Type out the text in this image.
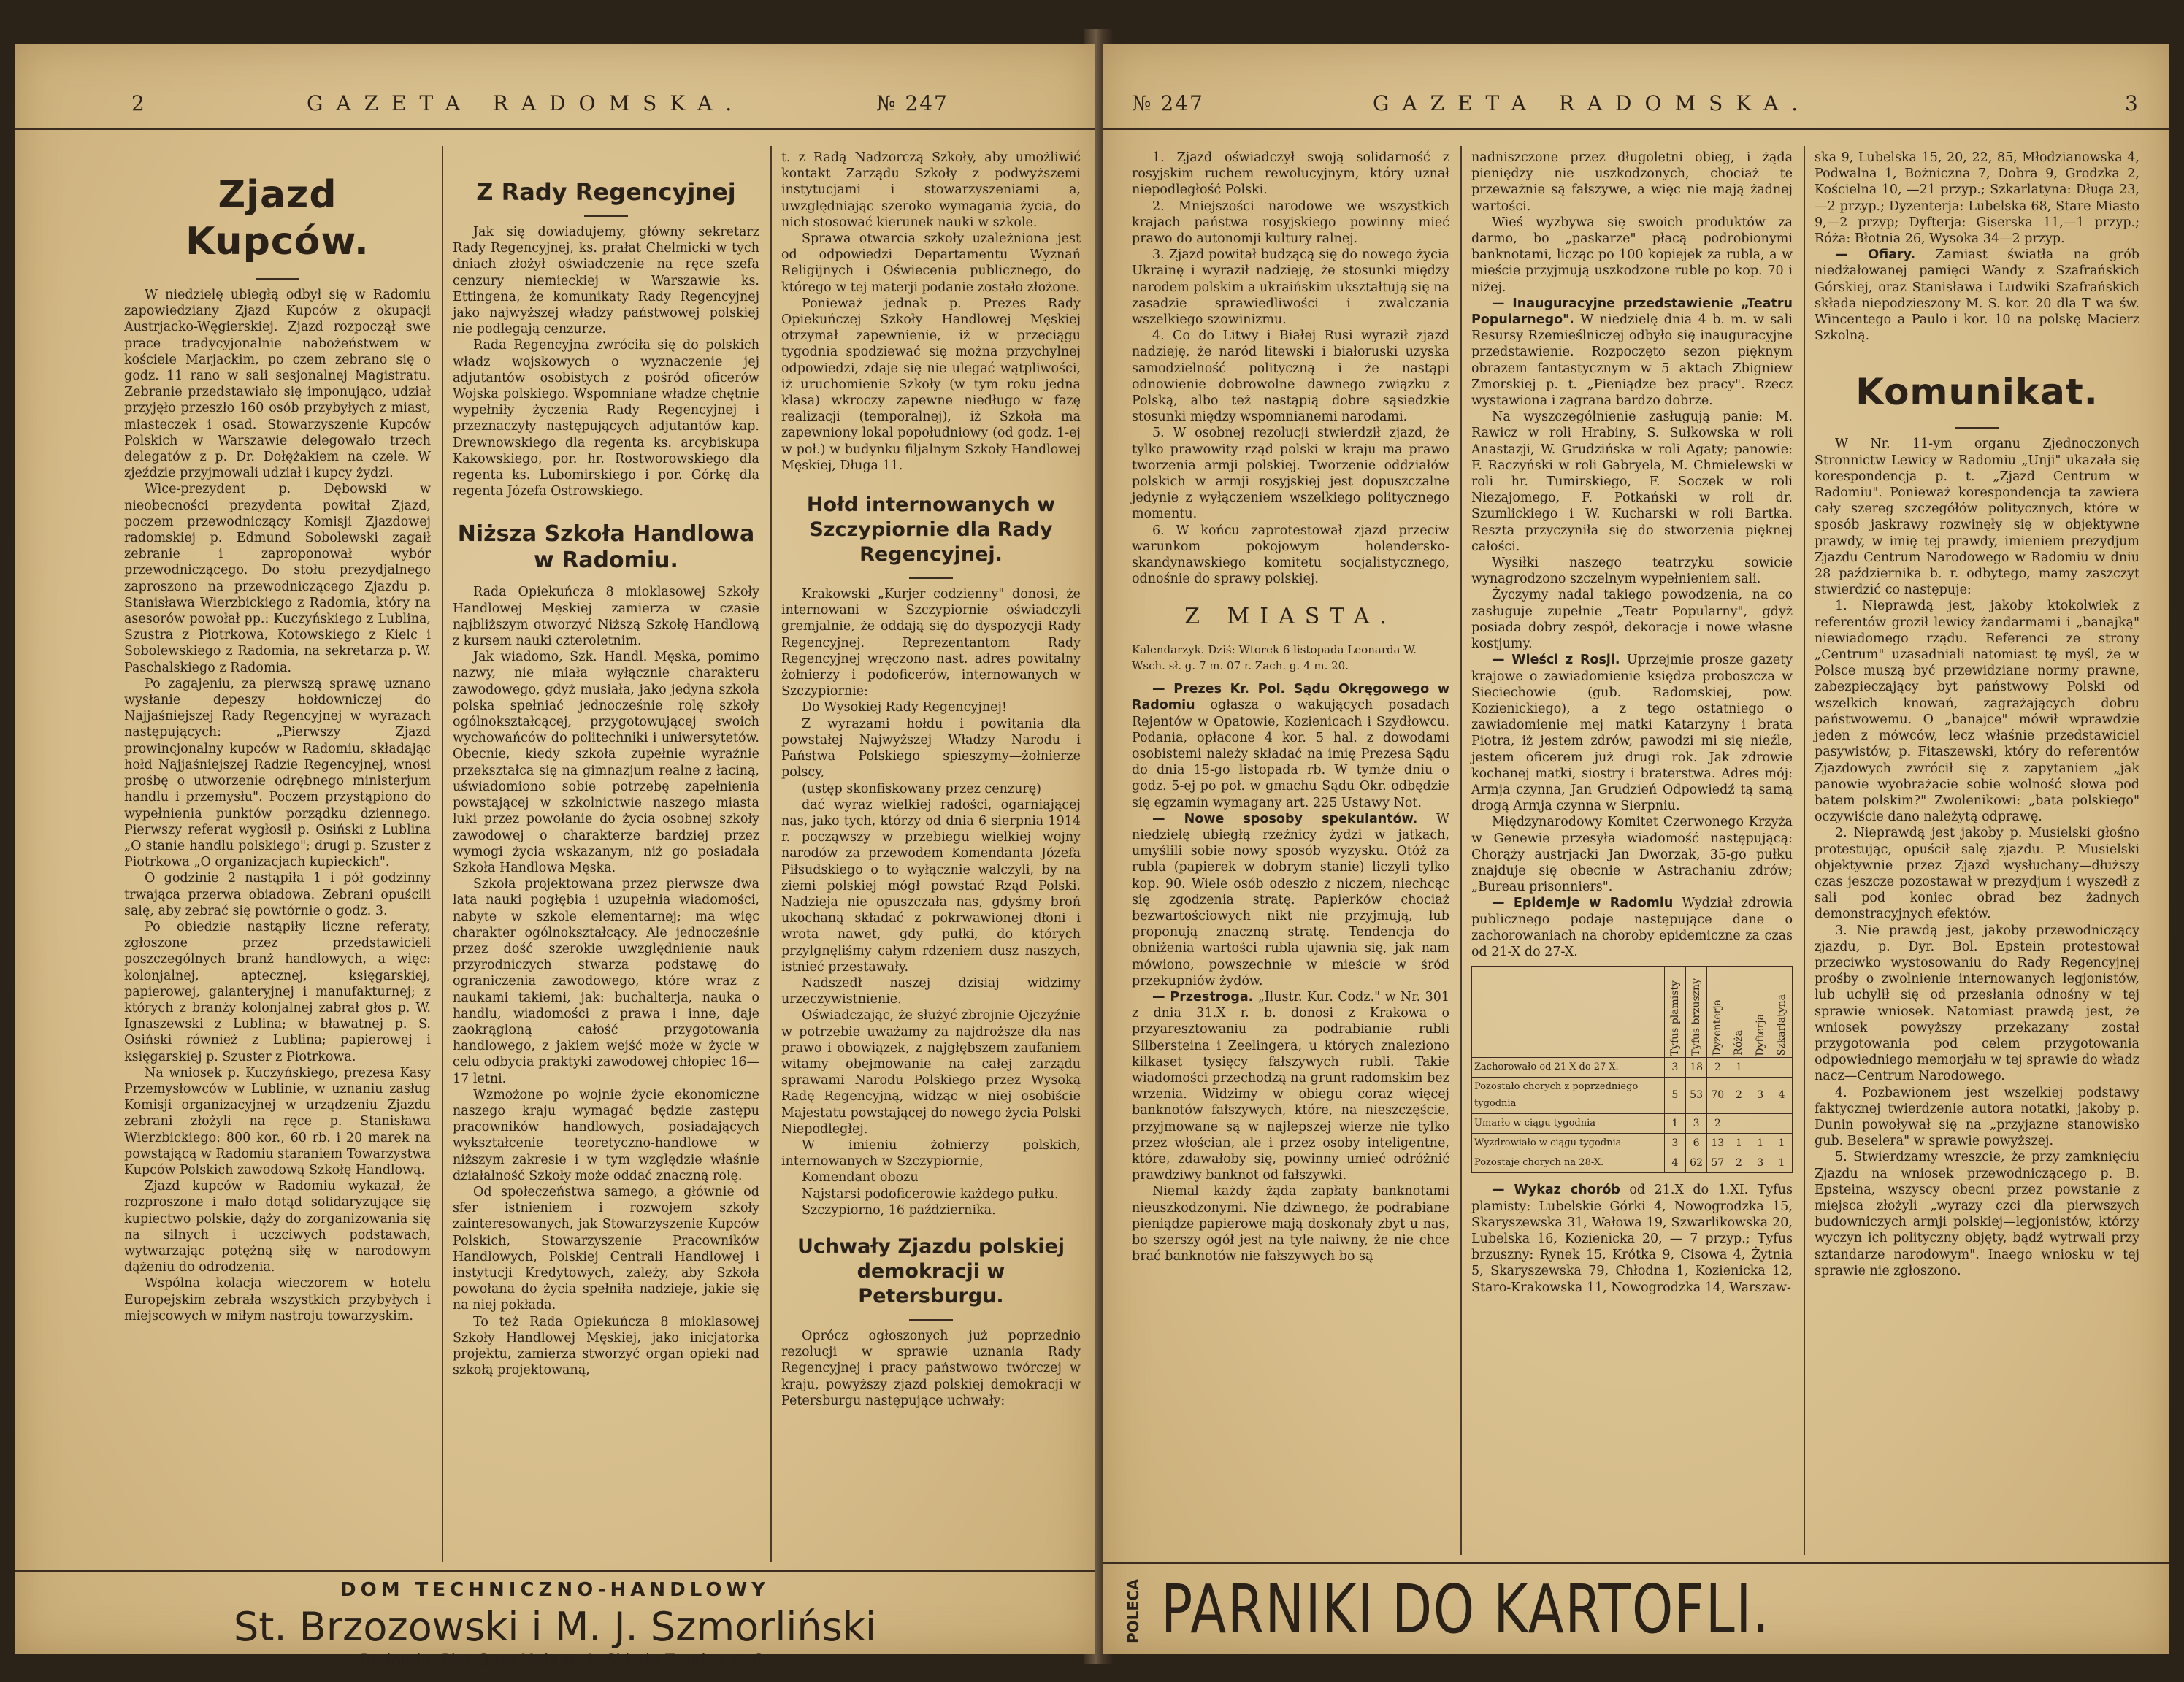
2	GAZETA RADOMSKA.	№ 247
Zjazd Kupców.

W niedzielę ubiegłą odbył się w Radomiu zapowiedziany Zjazd Kupców z okupacji Austrjacko-Węgierskiej. Zjazd rozpoczął swe prace tradycyjonalnie nabożeństwem w kościele Marjackim, po czem zebrano się o godz. 11 rano w sali sesjonalnej Magistratu. Zebranie przedstawiało się imponująco, udział przyjęło przeszło 160 osób przybyłych z miast, miasteczek i osad. Stowarzyszenie Kupców Polskich w Warszawie delegowało trzech delegatów z p. Dr. Dołężakiem na czele. W zjeździe przyjmowali udział i kupcy żydzi.

Wice-prezydent p. Dębowski w nieobecności prezydenta powitał Zjazd, poczem przewodniczący Komisji Zjazdowej radomskiej p. Edmund Sobolewski zagaił zebranie i zaproponował wybór przewodniczącego. Do stołu prezydjalnego zaproszono na przewodniczącego Zjazdu p. Stanisława Wierzbickiego z Radomia, który na asesorów powołał pp.: Kuczyńskiego z Lublina, Szustra z Piotrkowa, Kotowskiego z Kielc i Sobolewskiego z Radomia, na sekretarza p. W. Paschalskiego z Radomia.

Po zagajeniu, za pierwszą sprawę uznano wysłanie depeszy hołdowniczej do Najjaśniejszej Rady Regencyjnej w wyrazach następujących: „Pierwszy Zjazd prowincjonalny kupców w Radomiu, składając hołd Najjaśniejszej Radzie Regencyjnej, wnosi prośbę o utworzenie odrębnego ministerjum handlu i przemysłu". Poczem przystąpiono do wypełnienia punktów porządku dziennego. Pierwszy referat wygłosił p. Osiński z Lublina „O stanie handlu polskiego"; drugi p. Szuster z Piotrkowa „O organizacjach kupieckich".

O godzinie 2 nastąpiła 1 i pół godzinny trwająca przerwa obiadowa. Zebrani opuścili salę, aby zebrać się powtórnie o godz. 3.

Po obiedzie nastąpiły liczne referaty, zgłoszone przez przedstawicieli poszczególnych branż handlowych, a więc: kolonjalnej, aptecznej, księgarskiej, papierowej, galanteryjnej i manufakturnej; z których z branży kolonjalnej zabrał głos p. W. Ignaszewski z Lublina; w bławatnej p. S. Osiński również z Lublina; papierowej i księgarskiej p. Szuster z Piotrkowa.

Na wniosek p. Kuczyńskiego, prezesa Kasy Przemysłowców w Lublinie, w uznaniu zasług Komisji organizacyjnej w urządzeniu Zjazdu zebrani złożyli na ręce p. Stanisława Wierzbickiego: 800 kor., 60 rb. i 20 marek na powstającą w Radomiu staraniem Towarzystwa Kupców Polskich zawodową Szkołę Handlową.

Zjazd kupców w Radomiu wykazał, że rozproszone i mało dotąd solidaryzujące się kupiectwo polskie, dąży do zorganizowania się na silnych i uczciwych podstawach, wytwarzając potężną siłę w narodowym dążeniu do odrodzenia.

Wspólna kolacja wieczorem w hotelu Europejskim zebrała wszystkich przybyłych i miejscowych w miłym nastroju towarzyskim.

Z Rady Regencyjnej

Jak się dowiadujemy, główny sekretarz Rady Regencyjnej, ks. prałat Chelmicki w tych dniach złożył oświadczenie na ręce szefa cenzury niemieckiej w Warszawie ks. Ettingena, że komunikaty Rady Regencyjnej jako najwyższej władzy państwowej polskiej nie podlegają cenzurze.

Rada Regencyjna zwróciła się do polskich władz wojskowych o wyznaczenie jej adjutantów osobistych z pośród oficerów Wojska polskiego. Wspomniane władze chętnie wypełniły życzenia Rady Regencyjnej i przeznaczyły następujących adjutantów kap. Drewnowskiego dla regenta ks. arcybiskupa Kakowskiego, por. hr. Rostworowskiego dla regenta ks. Lubomirskiego i por. Górkę dla regenta Józefa Ostrowskiego.

Niższa Szkoła Handlowa w Radomiu.

Rada Opiekuńcza 8 mioklasowej Szkoły Handlowej Męskiej zamierza w czasie najbliższym otworzyć Niższą Szkołę Handlową z kursem nauki czteroletnim.

Jak wiadomo, Szk. Handl. Męska, pomimo nazwy, nie miała wyłącznie charakteru zawodowego, gdyż musiała, jako jedyna szkoła polska spełniać jednocześnie rolę szkoły ogólnokształcącej, przygotowującej swoich wychowańców do politechniki i uniwersytetów. Obecnie, kiedy szkoła zupełnie wyraźnie przekształca się na gimnazjum realne z łaciną, uświadomiono sobie potrzebę zapełnienia powstającej w szkolnictwie naszego miasta luki przez powołanie do życia osobnej szkoły zawodowej o charakterze bardziej przez wymogi życia wskazanym, niż go posiadała Szkoła Handlowa Męska.

Szkoła projektowana przez pierwsze dwa lata nauki pogłębia i uzupełnia wiadomości, nabyte w szkole elementarnej; ma więc charakter ogólnokształcący. Ale jednocześnie przez dość szerokie uwzględnienie nauk przyrodniczych stwarza podstawę do ograniczenia zawodowego, które wraz z naukami takiemi, jak: buchalterja, nauka o handlu, wiadomości z prawa i inne, daje zaokrągloną całość przygotowania handlowego, z jakiem wejść może w życie w celu odbycia praktyki zawodowej chłopiec 16—17 letni.

Wzmożone po wojnie życie ekonomiczne naszego kraju wymagać będzie zastępu pracowników handlowych, posiadających wykształcenie teoretyczno-handlowe w niższym zakresie i w tym względzie właśnie działalność Szkoły może oddać znaczną rolę.

Od społeczeństwa samego, a głównie od sfer istnieniem i rozwojem szkoły zainteresowanych, jak Stowarzyszenie Kupców Polskich, Stowarzyszenie Pracowników Handlowych, Polskiej Centrali Handlowej i instytucji Kredytowych, zależy, aby Szkoła powołana do życia spełniła nadzieje, jakie się na niej pokłada.

To też Rada Opiekuńcza 8 mioklasowej Szkoły Handlowej Męskiej, jako inicjatorka projektu, zamierza stworzyć organ opieki nad szkołą projektowaną,

t. z Radą Nadzorczą Szkoły, aby umożliwić kontakt Zarządu Szkoły z podwyższemi instytucjami i stowarzyszeniami a, uwzględniając szeroko wymagania życia, do nich stosować kierunek nauki w szkole.

Sprawa otwarcia szkoły uzależniona jest od odpowiedzi Departamentu Wyznań Religijnych i Oświecenia publicznego, do którego w tej materji podanie zostało złożone.

Ponieważ jednak p. Prezes Rady Opiekuńczej Szkoły Handlowej Męskiej otrzymał zapewnienie, iż w przeciągu tygodnia spodziewać się można przychylnej odpowiedzi, zdaje się nie ulegać wątpliwości, iż uruchomienie Szkoły (w tym roku jedna klasa) wkroczy zapewne niedługo w fazę realizacji (temporalnej), iż Szkoła ma zapewniony lokal popołudniowy (od godz. 1-ej w poł.) w budynku filjalnym Szkoły Handlowej Męskiej, Długa 11.

Hołd internowanych w Szczypiornie dla Rady Regencyjnej.

Krakowski „Kurjer codzienny" donosi, że internowani w Szczypiornie oświadczyli gremjalnie, że oddają się do dyspozycji Rady Regencyjnej. Reprezentantom Rady Regencyjnej wręczono nast. adres powitalny żołnierzy i podoficerów, internowanych w Szczypiornie:

Do Wysokiej Rady Regencyjnej!

Z wyrazami hołdu i powitania dla powstałej Najwyższej Władzy Narodu i Państwa Polskiego spieszymy—żołnierze polscy,

(ustęp skonfiskowany przez cenzurę)

dać wyraz wielkiej radości, ogarniającej nas, jako tych, którzy od dnia 6 sierpnia 1914 r. począwszy w przebiegu wielkiej wojny narodów za przewodem Komendanta Józefa Piłsudskiego o to wyłącznie walczyli, by na ziemi polskiej mógł powstać Rząd Polski. Nadzieja nie opuszczała nas, gdyśmy broń ukochaną składać z pokrwawionej dłoni i wrota nawet, gdy pułki, do których przylgnęliśmy całym rdzeniem dusz naszych, istnieć przestawały.

Nadszedł naszej dzisiaj widzimy urzeczywistnienie.

Oświadczając, że służyć zbrojnie Ojczyźnie w potrzebie uważamy za najdroższe dla nas prawo i obowiązek, z najgłębszem zaufaniem witamy obejmowanie na całej zarządu sprawami Narodu Polskiego przez Wysoką Radę Regencyjną, widząc w niej osobiście Majestatu powstającej do nowego życia Polski Niepodległej.

W imieniu żołnierzy polskich, internowanych w Szczypiornie,

Komendant obozu

Najstarsi podoficerowie każdego pułku.

Szczypiorno, 16 października.

Uchwały Zjazdu polskiej demokracji w Petersburgu.

Oprócz ogłoszonych już poprzednio rezolucji w sprawie uznania Rady Regencyjnej i pracy państwowo twórczej w kraju, powyższy zjazd polskiej demokracji w Petersburgu następujące uchwały:

DOM TECHNICZNO-HANDLOWY
St. Brzozowski i M. J. Szmorliński
w Radomiu, Plac 3-go Maja № 1. Składy Zgodna № 6.
№ 247	GAZETA RADOMSKA.	3

1. Zjazd oświadczył swoją solidarność z rosyjskim ruchem rewolucyjnym, który uznał niepodległość Polski.

2. Mniejszości narodowe we wszystkich krajach państwa rosyjskiego powinny mieć prawo do autonomji kultury ralnej.

3. Zjazd powitał budzącą się do nowego życia Ukrainę i wyraził nadzieję, że stosunki między narodem polskim a ukraińskim ukształtują się na zasadzie sprawiedliwości i zwalczania wszelkiego szowinizmu.

4. Co do Litwy i Białej Rusi wyraził zjazd nadzieję, że naród litewski i białoruski uzyska samodzielność polityczną i że nastąpi odnowienie dobrowolne dawnego związku z Polską, albo też nastąpią dobre sąsiedzkie stosunki między wspomnianemi narodami.

5. W osobnej rezolucji stwierdził zjazd, że tylko prawowity rząd polski w kraju ma prawo tworzenia armji polskiej. Tworzenie oddziałów polskich w armji rosyjskiej jest dopuszczalne jedynie z wyłączeniem wszelkiego politycznego momentu.

6. W końcu zaprotestował zjazd przeciw warunkom pokojowym holendersko-skandynawskiego komitetu socjalistycznego, odnośnie do sprawy polskiej.

Z MIASTA.

Kalendarzyk. Dziś: Wtorek 6 listopada Leonarda W.

Wsch. sł. g. 7 m. 07 r. Zach. g. 4 m. 20.

— Prezes Kr. Pol. Sądu Okręgowego w Radomiu ogłasza o wakujących posadach Rejentów w Opatowie, Kozienicach i Szydłowcu. Podania, opłacone 4 kor. 5 hal. z dowodami osobistemi należy składać na imię Prezesa Sądu do dnia 15-go listopada rb. W tymże dniu o godz. 5-ej po poł. w gmachu Sądu Okr. odbędzie się egzamin wymagany art. 225 Ustawy Not.

— Nowe sposoby spekulantów. W niedzielę ubiegłą rzeźnicy żydzi w jatkach, umyślili sobie nowy sposób wyzysku. Otóż za rubla (papierek w dobrym stanie) liczyli tylko kop. 90. Wiele osób odeszło z niczem, niechcąc się zgodzenia stratę. Papierków chociaż bezwartościowych nikt nie przyjmują, lub proponują znaczną stratę. Tendencja do obniżenia wartości rubla ujawnia się, jak nam mówiono, powszechnie w mieście w śród przekupniów żydów.

— Przestroga. „Ilustr. Kur. Codz." w Nr. 301 z dnia 31.X r. b. donosi z Krakowa o przyaresztowaniu za podrabianie rubli Silbersteina i Zeelingera, u których znaleziono kilkaset tysięcy fałszywych rubli. Takie wiadomości przechodzą na grunt radomskim bez wrzenia. Widzimy w obiegu coraz więcej banknotów fałszywych, które, na nieszczęście, przyjmowane są w najlepszej wierze nie tylko przez włościan, ale i przez osoby inteligentne, które, zdawałoby się, powinny umieć odróżnić prawdziwy banknot od fałszywki.

Niemal każdy żąda zapłaty banknotami nieuszkodzonymi. Nie dziwnego, że podrabiane pieniądze papierowe mają doskonały zbyt u nas, bo szerszy ogół jest na tyle naiwny, że nie chce brać banknotów nie fałszywych bo są

nadniszczone przez długoletni obieg, i żąda pieniędzy nie uszkodzonych, chociaż te przeważnie są fałszywe, a więc nie mają żadnej wartości.

Wieś wyzbywa się swoich produktów za darmo, bo „paskarze" płacą podrobionymi banknotami, licząc po 100 kopiejek za rubla, a w mieście przyjmują uszkodzone ruble po kop. 70 i niżej.

— Inauguracyjne przedstawienie „Teatru Popularnego". W niedzielę dnia 4 b. m. w sali Resursy Rzemieślniczej odbyło się inauguracyjne przedstawienie. Rozpoczęto sezon pięknym obrazem fantastycznym w 5 aktach Zbigniew Zmorskiej p. t. „Pieniądze bez pracy". Rzecz wystawiona i zagrana bardzo dobrze.

Na wyszczególnienie zasługują panie: M. Rawicz w roli Hrabiny, S. Sułkowska w roli Anastazji, W. Grudzińska w roli Agaty; panowie: F. Raczyński w roli Gabryela, M. Chmielewski w roli hr. Tumirskiego, F. Soczek w roli Niezajomego, F. Potkański w roli dr. Szumlickiego i W. Kucharski w roli Bartka. Reszta przyczyniła się do stworzenia pięknej całości.

Wysiłki naszego teatrzyku sowicie wynagrodzono szczelnym wypełnieniem sali.

Życzymy nadal takiego powodzenia, na co zasługuje zupełnie „Teatr Popularny", gdyż posiada dobry zespół, dekoracje i nowe własne kostjumy.

— Wieści z Rosji. Uprzejmie prosze gazety krajowe o zawiadomienie księdza proboszcza w Sieciechowie (gub. Radomskiej, pow. Kozienickiego), a z tego ostatniego o zawiadomienie mej matki Katarzyny i brata Piotra, iż jestem zdrów, pawodzi mi się nieźle, jestem oficerem już drugi rok. Jak zdrowie kochanej matki, siostry i braterstwa. Adres mój: Armja czynna, Jan Grudzień Odpowiedź tą samą drogą Armja czynna w Sierpniu.

Międzynarodowy Komitet Czerwonego Krzyża w Genewie przesyła wiadomość następującą: Chorąży austrjacki Jan Dworzak, 35-go pułku znajduje się obecnie w Astrachaniu zdrów; „Bureau prisonniers".

— Epidemje w Radomiu Wydział zdrowia publicznego podaje następujące dane o zachorowaniach na choroby epidemiczne za czas od 21-X do 27-X.

	Tyfus plamisty	Tyfus brzuszny	Dyzenterja	Róża	Dyfterja	Szkarlatyna

Zachorowało od 21-X do 27-X.	3	18	2	1		
Pozostało chorych z poprzedniego tygodnia	5	53	70	2	3	4
Umarło w ciągu tygodnia	1	3	2			
Wyzdrowiało w ciągu tygodnia	3	6	13	1	1	1
Pozostaje chorych na 28-X.	4	62	57	2	3	1

— Wykaz chorób od 21.X do 1.XI. Tyfus plamisty: Lubelskie Górki 4, Nowogrodzka 15, Skaryszewska 31, Wałowa 19, Szwarlikowska 20, Lubelska 16, Kozienicka 20, — 7 przyp.; Tyfus brzuszny: Rynek 15, Krótka 9, Cisowa 4, Żytnia 5, Skaryszewska 79, Chłodna 1, Kozienicka 12, Staro-Krakowska 11, Nowogrodzka 14, Warszaw-

ska 9, Lubelska 15, 20, 22, 85, Młodzianowska 4, Podwalna 1, Bożniczna 7, Dobra 9, Grodzka 2, Kościelna 10, —21 przyp.; Szkarlatyna: Długa 23, —2 przyp.; Dyzenterja: Lubelska 68, Stare Miasto 9,—2 przyp; Dyfterja: Giserska 11,—1 przyp.; Róża: Błotnia 26, Wysoka 34—2 przyp.

— Ofiary. Zamiast światła na grób niedżałowanej pamięci Wandy z Szafrańskich Górskiej, oraz Stanisława i Ludwiki Szafrańskich składa niepodzieszony M. S. kor. 20 dla T wa św. Wincentego a Paulo i kor. 10 na polskę Macierz Szkolną.

Komunikat.

W Nr. 11-ym organu Zjednoczonych Stronnictw Lewicy w Radomiu „Unji" ukazała się korespondencja p. t. „Zjazd Centrum w Radomiu". Ponieważ korespondencja ta zawiera cały szereg szczegółów politycznych, które w sposób jaskrawy rozwinęły się w objektywne prawdy, w imię tej prawdy, imieniem prezydjum Zjazdu Centrum Narodowego w Radomiu w dniu 28 października b. r. odbytego, mamy zaszczyt stwierdzić co następuje:

1. Nieprawdą jest, jakoby ktokolwiek z referentów groził lewicy żandarmami i „banajką" niewiadomego rządu. Referenci ze strony „Centrum" uzasadniali natomiast tę myśl, że w Polsce muszą być przewidziane normy prawne, zabezpieczający byt państwowy Polski od wszelkich knowań, zagrażających dobru państwowemu. O „banajce" mówił wprawdzie jeden z mówców, lecz właśnie przedstawiciel pasywistów, p. Fitaszewski, który do referentów Zjazdowych zwrócił się z zapytaniem „jak panowie wyobrażacie sobie wolność słowa pod batem polskim?" Zwolenikowi: „bata polskiego" oczywiście dano należytą odprawę.

2. Nieprawdą jest jakoby p. Musielski głośno protestując, opuścił salę zjazdu. P. Musielski objektywnie przez Zjazd wysłuchany—dłuższy czas jeszcze pozostawał w prezydjum i wyszedł z sali pod koniec obrad bez żadnych demonstracyjnych efektów.

3. Nie prawdą jest, jakoby przewodniczący zjazdu, p. Dyr. Bol. Epstein protestował przeciwko wystosowaniu do Rady Regencyjnej prośby o zwolnienie internowanych legjonistów, lub uchylił się od przesłania odnośny w tej sprawie wniosek. Natomiast prawdą jest, że wniosek powyższy przekazany został przygotowania pod celem przygotowania odpowiedniego memorjału w tej sprawie do władz nacz—Centrum Narodowego.

4. Pozbawionem jest wszelkiej podstawy faktycznej twierdzenie autora notatki, jakoby p. Dunin powoływał się na „przyjazne stanowisko gub. Beselera" w sprawie powyższej.

5. Stwierdzamy wreszcie, że przy zamknięciu Zjazdu na wniosek przewodniczącego p. B. Epsteina, wszyscy obecni przez powstanie z miejsca złożyli „wyrazy czci dla pierwszych budowniczych armji polskiej—legjonistów, którzy wyczyn ich polityczny objęty, bądź wytrwali przy sztandarze narodowym". Inaego wniosku w tej sprawie nie zgłoszono.

POLECA PARNIKI DO KARTOFLI.
